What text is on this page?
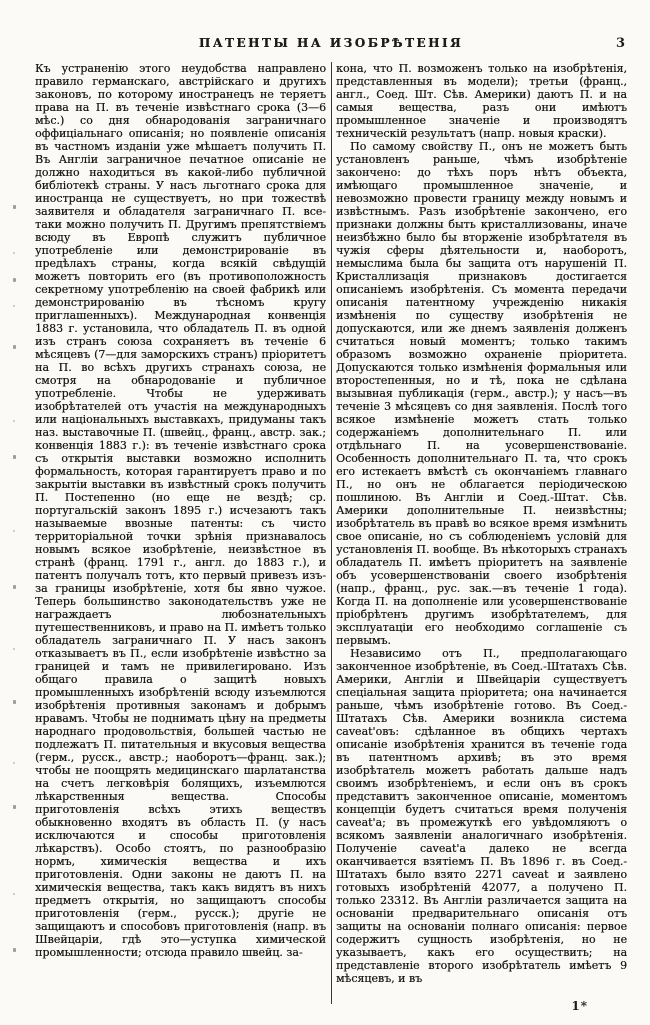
ПАТЕНТЫ НА ИЗОБРѢТЕНІЯ	3

Къ устраненію этого неудобства направлено правило германскаго, австрійскаго и другихъ законовъ, по которому иностранецъ не теряетъ права на П. въ теченіе извѣстнаго срока (3—6 мѣс.) со дня обнародованія заграничнаго оффиціальнаго описанія; но появленіе описанія въ частномъ изданіи уже мѣшаетъ получить П. Въ Англіи заграничное печатное описаніе не должно находиться въ какой-либо публичной библіотекѣ страны. У насъ льготнаго срока для иностранца не существуетъ, но при тожествѣ заявителя и обладателя заграничнаго П. все-таки можно получить П. Другимъ препятствіемъ всюду въ Европѣ служитъ публичное употребленіе или демонстрированіе въ предѣлахъ страны, когда всякій свѣдущій можетъ повторить его (въ противоположность секретному употребленію на своей фабрикѣ или демонстрированію въ тѣсномъ кругу приглашенныхъ). Международная конвенція 1883 г. установила, что обладатель П. въ одной изъ странъ союза сохраняетъ въ теченіе 6 мѣсяцевъ (7—для заморскихъ странъ) пріоритетъ на П. во всѣхъ другихъ странахъ союза, не смотря на обнародованіе и публичное употребленіе. Чтобы не удерживать изобрѣтателей отъ участія на международныхъ или національныхъ выставкахъ, придуманы такъ наз. выставочные П. (швейц., франц., австр. зак.; конвенція 1883 г.): въ теченіе извѣстнаго срока съ открытія выставки возможно исполнить формальность, которая гарантируетъ право и по закрытіи выставки въ извѣстный срокъ получить П. Постепенно (но еще не вездѣ; ср. португальскій законъ 1895 г.) исчезаютъ такъ называемые ввозные патенты: съ чисто территоріальной точки зрѣнія признавалось новымъ всякое изобрѣтеніе, неизвѣстное въ странѣ (франц. 1791 г., англ. до 1883 г.), и патентъ получалъ тотъ, кто первый привезъ изъ-за границы изобрѣтеніе, хотя бы явно чужое. Теперь большинство законодательствъ уже не награждаетъ любознательныхъ путешественниковъ, и право на П. имѣетъ только обладатель заграничнаго П. У насъ законъ отказываетъ въ П., если изобрѣтеніе извѣстно за границей и тамъ не привилегировано. Изъ общаго правила о защитѣ новыхъ промышленныхъ изобрѣтеній всюду изъемлются изобрѣтенія противныя законамъ и добрымъ нравамъ. Чтобы не поднимать цѣну на предметы народнаго продовольствія, большей частью не подлежатъ П. питательныя и вкусовыя вещества (герм., русск., австр.; наоборотъ—франц. зак.); чтобы не поощрять медицинскаго шарлатанства на счетъ легковѣрія болящихъ, изъемлются лѣкарственныя вещества. Способы приготовленія всѣхъ этихъ веществъ обыкновенно входятъ въ область П. (у насъ исключаются и способы приготовленія лѣкарствъ). Особо стоятъ, по разнообразію нормъ, химическія вещества и ихъ приготовленія. Одни законы не даютъ П. на химическія вещества, такъ какъ видятъ въ нихъ предметъ открытія, но защищаютъ способы приготовленія (герм., русск.); другіе не защищаютъ и способовъ приготовленія (напр. въ Швейцаріи, гдѣ это—уступка химической промышленности; отсюда правило швейц. за-

кона, что П. возможенъ только на изобрѣтенія, представленныя въ модели); третьи (франц., англ., Соед. Шт. Сѣв. Америки) даютъ П. и на самыя вещества, разъ они имѣютъ промышленное значеніе и производятъ техническій результатъ (напр. новыя краски).

По самому свойству П., онъ не можетъ быть установленъ раньше, чѣмъ изобрѣтеніе закончено: до тѣхъ поръ нѣтъ объекта, имѣющаго промышленное значеніе, и невозможно провести границу между новымъ и извѣстнымъ. Разъ изобрѣтеніе закончено, его признаки должны быть кристаллизованы, иначе неизбѣжно было бы вторженіе изобрѣтателя въ чужія сферы дѣятельности и, наоборотъ, немыслима была бы защита отъ нарушеній П. Кристаллизація признаковъ достигается описаніемъ изобрѣтенія. Съ момента передачи описанія патентному учрежденію никакія измѣненія по существу изобрѣтенія не допускаются, или же днемъ заявленія долженъ считаться новый моментъ; только такимъ образомъ возможно охраненіе пріоритета. Допускаются только измѣненія формальныя или второстепенныя, но и тѣ, пока не сдѣлана вызывная публикація (герм., австр.); у насъ—въ теченіе 3 мѣсяцевъ со дня заявленія. Послѣ того всякое измѣненіе можетъ стать только содержаніемъ дополнительнаго П. или отдѣльнаго П. на усовершенствованіе. Особенность дополнительнаго П. та, что срокъ его истекаетъ вмѣстѣ съ окончаніемъ главнаго П., но онъ не облагается періодическою пошлиною. Въ Англіи и Соед.-Штат. Сѣв. Америки дополнительные П. неизвѣстны; изобрѣтатель въ правѣ во всякое время измѣнить свое описаніе, но съ соблюденіемъ условій для установленія П. вообще. Въ нѣкоторыхъ странахъ обладатель П. имѣетъ пріоритетъ на заявленіе объ усовершенствованіи своего изобрѣтенія (напр., франц., рус. зак.—въ теченіе 1 года). Когда П. на дополненіе или усовершенствованіе пріобрѣтенъ другимъ изобрѣтателемъ, для эксплуатаціи его необходимо соглашеніе съ первымъ.

Независимо отъ П., предполагающаго законченное изобрѣтеніе, въ Соед.-Штатахъ Сѣв. Америки, Англіи и Швейцаріи существуетъ спеціальная защита пріоритета; она начинается раньше, чѣмъ изобрѣтеніе готово. Въ Соед.-Штатахъ Сѣв. Америки возникла система caveat'овъ: сдѣланное въ общихъ чертахъ описаніе изобрѣтенія хранится въ теченіе года въ патентномъ архивѣ; въ это время изобрѣтатель можетъ работать дальше надъ своимъ изобрѣтеніемъ, и если онъ въ срокъ представитъ законченное описаніе, моментомъ концепціи будетъ считаться время полученія caveat'а; въ промежуткѣ его увѣдомляютъ о всякомъ заявленіи аналогичнаго изобрѣтенія. Полученіе caveat'а далеко не всегда оканчивается взятіемъ П. Въ 1896 г. въ Соед.-Штатахъ было взято 2271 caveat и заявлено готовыхъ изобрѣтеній 42077, а получено П. только 23312. Въ Англіи различается защита на основаніи предварительнаго описанія отъ защиты на основаніи полнаго описанія: первое содержитъ сущность изобрѣтенія, но не указываетъ, какъ его осуществить; на представленіе второго изобрѣтатель имѣетъ 9 мѣсяцевъ, и въ

1*
